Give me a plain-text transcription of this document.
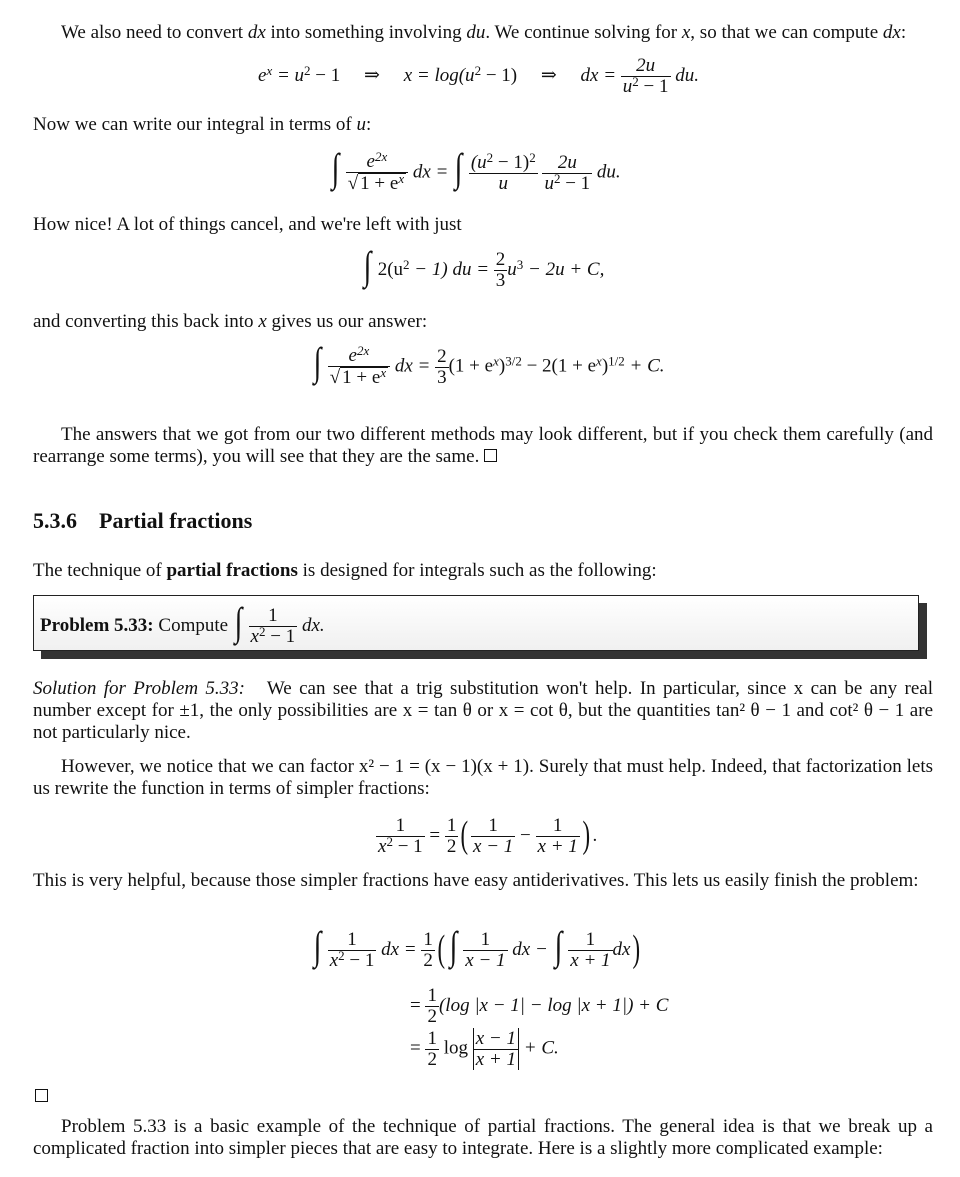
We also need to convert dx into something involving du. We continue solving for x, so that we can compute dx:
$e^x = u^2 - 1$ ⇒ $x = \log(u^2 - 1)$ ⇒ dx = $\frac{2u}{u^2 - 1}$ du.
Now we can write our integral in terms of u:
∫ $\frac{e^{2x}}{√ 1 + e^x}$ dx = ∫ $\frac{(u^2 - 1)^2}{u}$
$\frac{2u}{u^2 - 1}$ du.
How nice! A lot of things cancel, and we're left with just
∫ $2(u^2 - 1)$ du = $\frac{2}{3} u^3 - 2u + C$,
and converting this back into x gives us our answer:
∫ $\frac{e^{2x}}{√ 1 + e^x}$ dx = $\frac{2}{3} (1 + e^x)^{3/2} - 2(1 + e^x)^{1/2} + C$.
The answers that we got from our two different methods may look different, but if you check them carefully (and rearrange some terms), you will see that they are the same.
5.3.6 Partial fractions
The technique of partial fractions is designed for integrals such as the following:
Problem 5.33: Compute ∫ $\frac{1}{x^2 - 1}$ dx.
Solution for Problem 5.33: We can see that a trig substitution won't help. In particular, since x can be any real number except for ±1, the only possibilities are x = tan θ or x = cot θ, but the quantities tan² θ − 1 and cot² θ − 1 are not particularly nice.
However, we notice that we can factor x² − 1 = (x − 1)(x + 1). Surely that must help. Indeed, that factorization lets us rewrite the function in terms of simpler fractions:
$\frac{1}{x^2 - 1} = \frac{1}{2}$ ( $\frac{1}{x - 1} - \frac{1}{x + 1}$ ) .
This is very helpful, because those simpler fractions have easy antiderivatives. This lets us easily finish the problem:
∫ $\frac{1}{x^2 - 1}$ dx = $\frac{1}{2}$ ( ∫ $\frac{1}{x - 1}$ dx − ∫ $\frac{1}{x + 1} dx$)
= $\frac{1}{2} (\log$ |x − 1| − log |x + 1|) + C
= $\frac{1}{2}$ $\log \frac{x - 1}{x + 1} + C$.
Problem 5.33 is a basic example of the technique of partial fractions. The general idea is that we break up a complicated fraction into simpler pieces that are easy to integrate. Here is a slightly more complicated example:
